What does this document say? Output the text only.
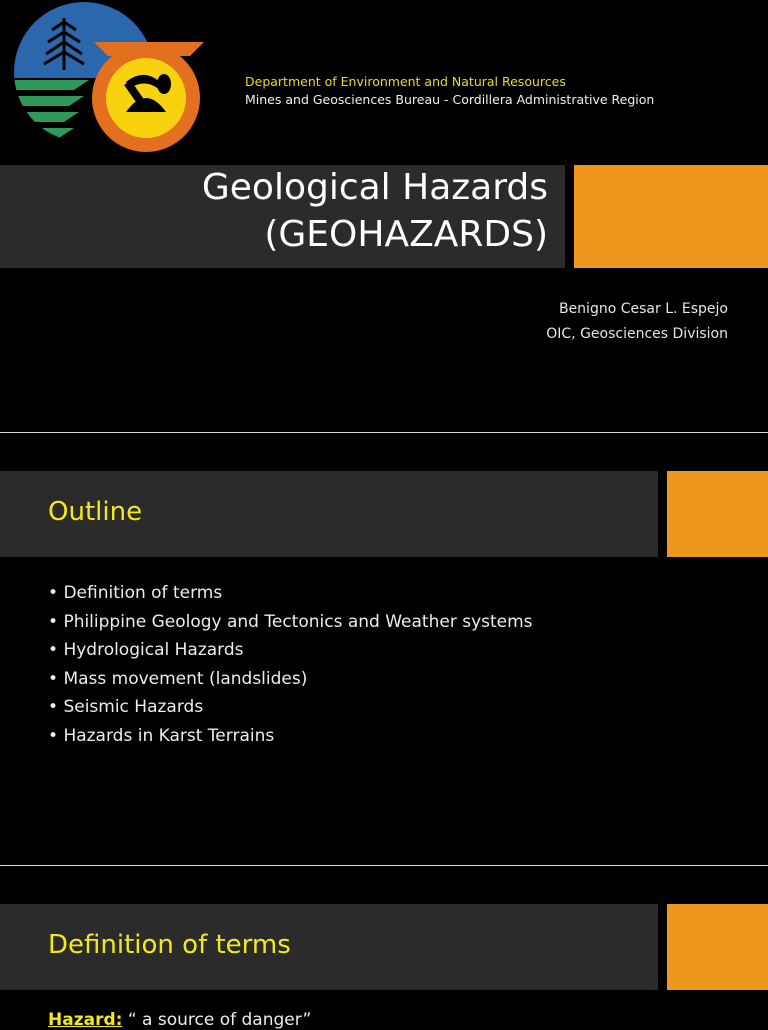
Department of Environment and Natural Resources
Mines and Geosciences Bureau - Cordillera Administrative Region
Geological Hazards
(GEOHAZARDS)
Benigno Cesar L. Espejo
OIC, Geosciences Division
Outline
• Definition of terms
• Philippine Geology and Tectonics and Weather systems
• Hydrological Hazards
• Mass movement (landslides)
• Seismic Hazards
• Hazards in Karst Terrains
Definition of terms
Hazard: “ a source of danger”
